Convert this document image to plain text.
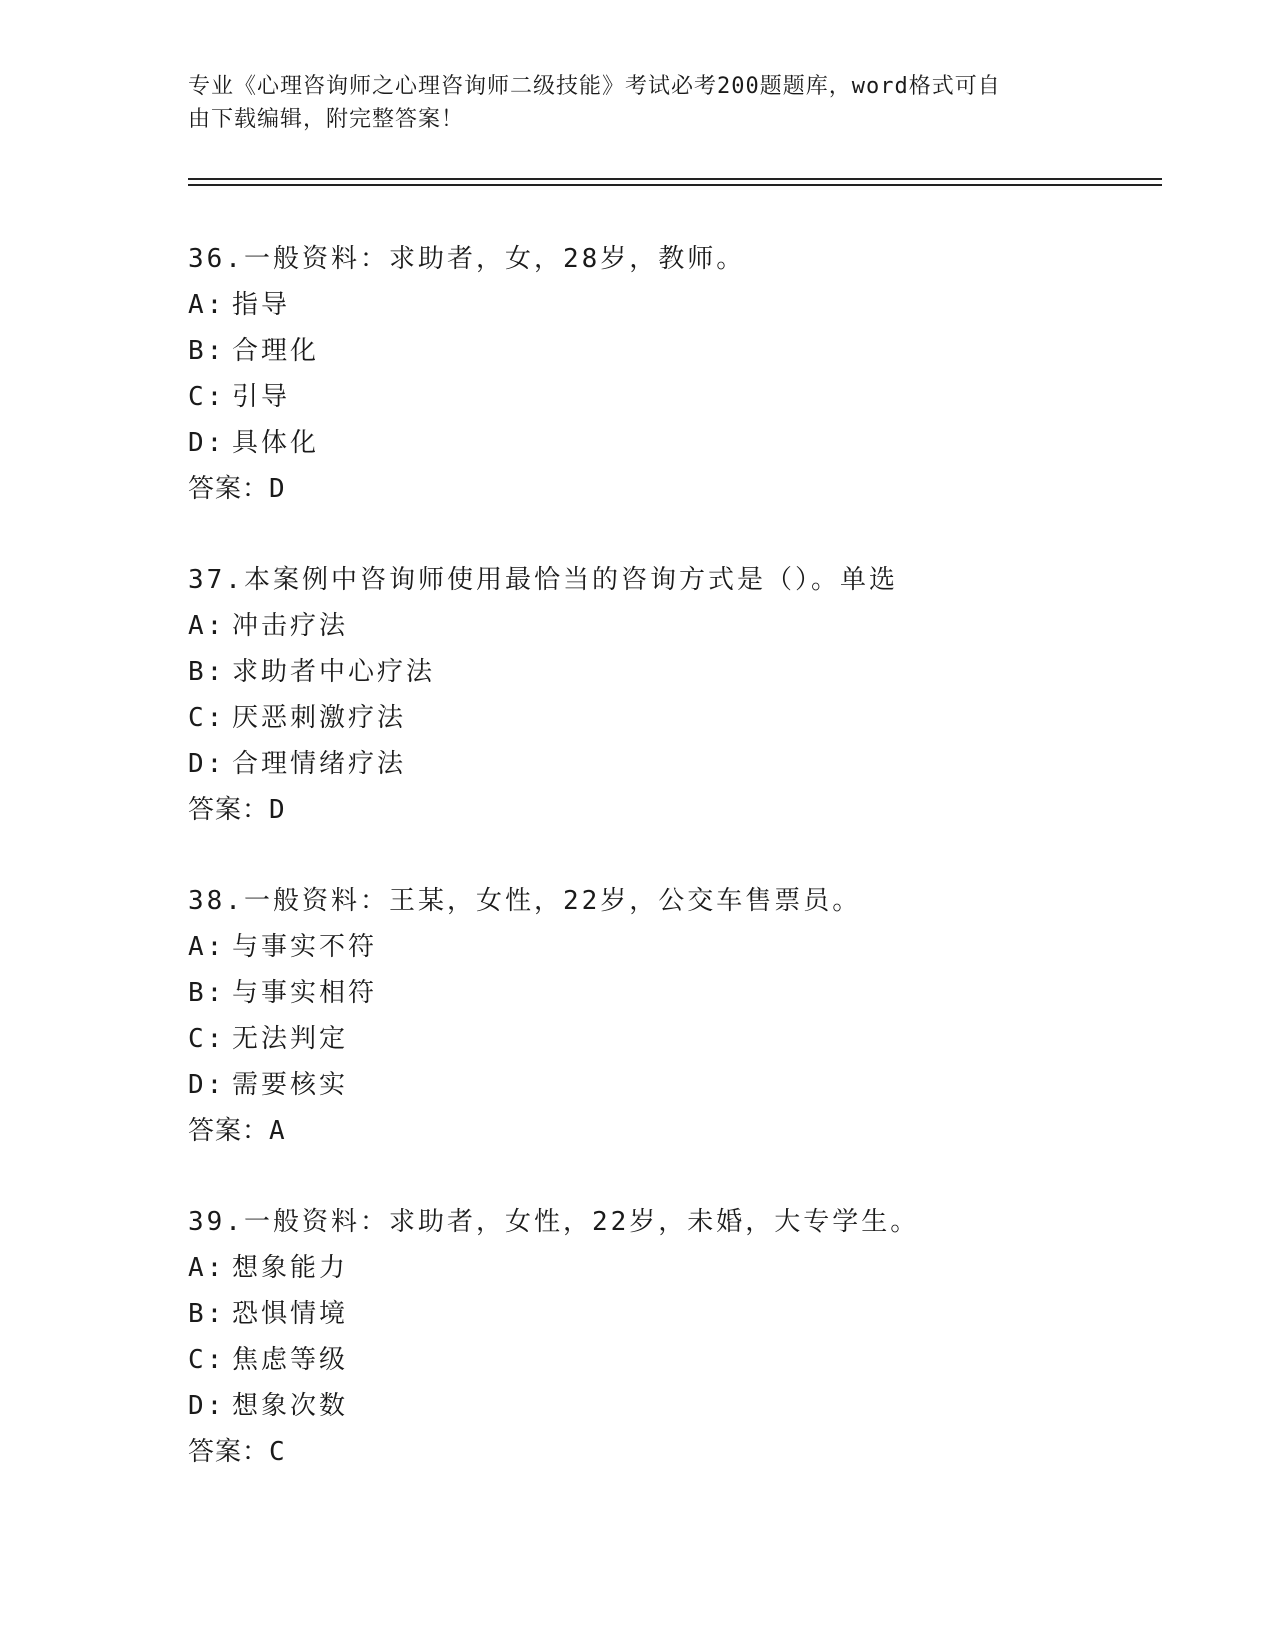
专业《心理咨询师之心理咨询师二级技能》考试必考200题题库，word格式可自
由下载编辑，附完整答案！
36.一般资料：求助者，女，28岁，教师。
A: 指导
B: 合理化
C: 引导
D: 具体化
答案：D
37.本案例中咨询师使用最恰当的咨询方式是（）。单选
A: 冲击疗法
B: 求助者中心疗法
C: 厌恶刺激疗法
D: 合理情绪疗法
答案：D
38.一般资料：王某，女性，22岁，公交车售票员。
A: 与事实不符
B: 与事实相符
C: 无法判定
D: 需要核实
答案：A
39.一般资料：求助者，女性，22岁，未婚，大专学生。
A: 想象能力
B: 恐惧情境
C: 焦虑等级
D: 想象次数
答案：C
